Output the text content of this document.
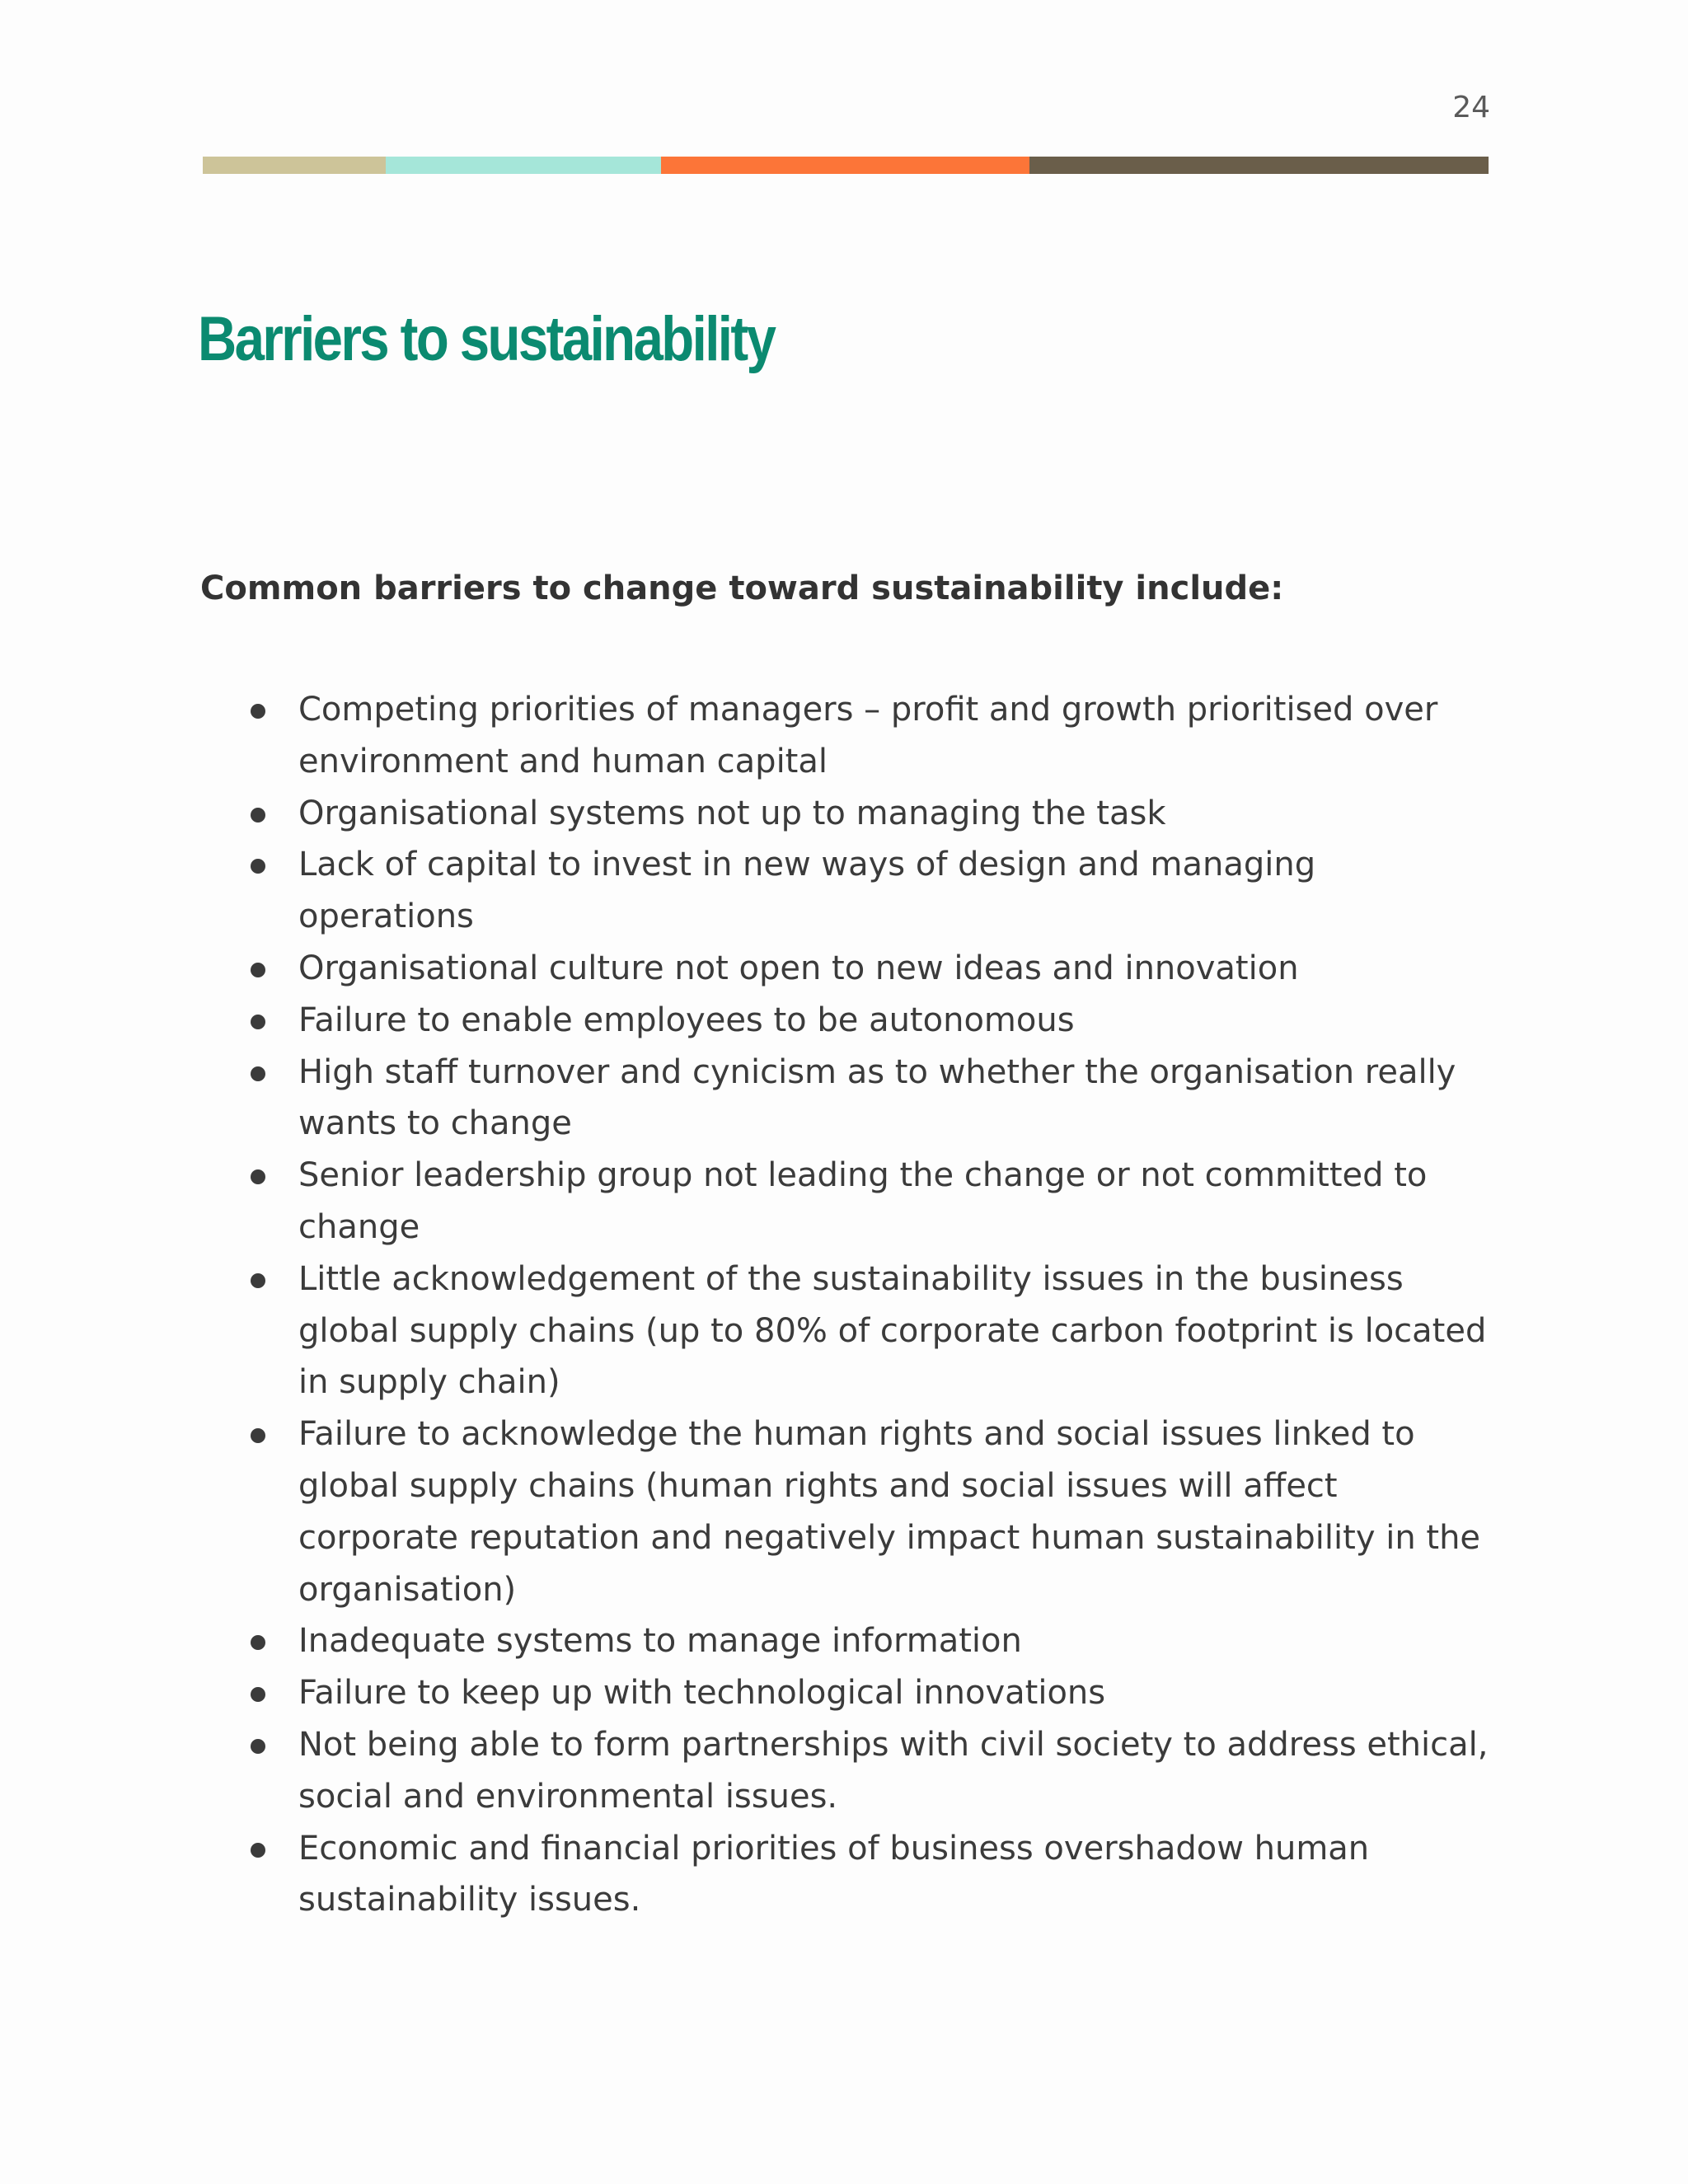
24
Barriers to sustainability

Common barriers to change toward sustainability include:

Competing priorities of managers – profit and growth prioritised over environment and human capital
Organisational systems not up to managing the task
Lack of capital to invest in new ways of design and managing operations
Organisational culture not open to new ideas and innovation
Failure to enable employees to be autonomous
High staff turnover and cynicism as to whether the organisation really wants to change
Senior leadership group not leading the change or not committed to change
Little acknowledgement of the sustainability issues in the business global supply chains (up to 80% of corporate carbon footprint is located in supply chain)
Failure to acknowledge the human rights and social issues linked to global supply chains (human rights and social issues will affect corporate reputation and negatively impact human sustainability in the organisation)
Inadequate systems to manage information
Failure to keep up with technological innovations
Not being able to form partnerships with civil society to address ethical, social and environmental issues.
Economic and financial priorities of business overshadow human sustainability issues.
